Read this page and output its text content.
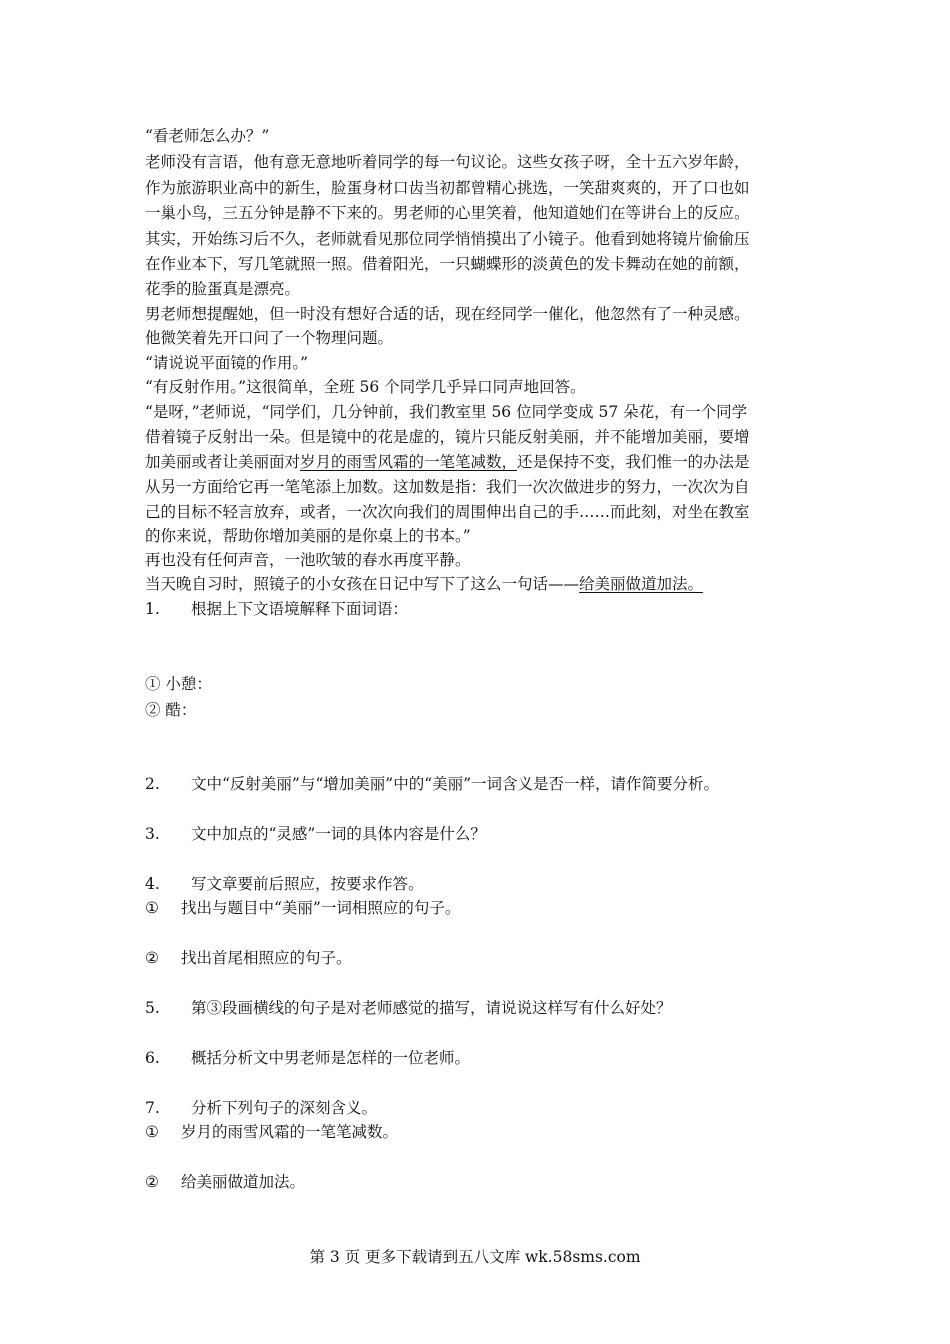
“看老师怎么办？”
老师没有言语，他有意无意地听着同学的每一句议论。这些女孩子呀，全十五六岁年龄，
作为旅游职业高中的新生，脸蛋身材口齿当初都曾精心挑选，一笑甜爽爽的，开了口也如
一巢小鸟，三五分钟是静不下来的。男老师的心里笑着，他知道她们在等讲台上的反应。
其实，开始练习后不久，老师就看见那位同学悄悄摸出了小镜子。他看到她将镜片偷偷压
在作业本下，写几笔就照一照。借着阳光，一只蝴蝶形的淡黄色的发卡舞动在她的前额，
花季的脸蛋真是漂亮。
男老师想提醒她，但一时没有想好合适的话，现在经同学一催化，他忽然有了一种灵感。
他微笑着先开口问了一个物理问题。
“请说说平面镜的作用。”
“有反射作用。”这很简单，全班 56 个同学几乎异口同声地回答。
“是呀，”老师说，“同学们，几分钟前，我们教室里 56 位同学变成 57 朵花，有一个同学
借着镜子反射出一朵。但是镜中的花是虚的，镜片只能反射美丽，并不能增加美丽，要增
加美丽或者让美丽面对岁月的雨雪风霜的一笔笔减数，还是保持不变，我们惟一的办法是
从另一方面给它再一笔笔添上加数。这加数是指：我们一次次做进步的努力，一次次为自
己的目标不轻言放弃，或者，一次次向我们的周围伸出自己的手……而此刻，对坐在教室
的你来说，帮助你增加美丽的是你桌上的书本。”
再也没有任何声音，一池吹皱的春水再度平静。
当天晚自习时，照镜子的小女孩在日记中写下了这么一句话——给美丽做道加法。
1. 根据上下文语境解释下面词语：
① 小憩：
② 酷：
2. 文中“反射美丽”与“增加美丽”中的“美丽”一词含义是否一样，请作简要分析。
3. 文中加点的“灵感”一词的具体内容是什么？
4. 写文章要前后照应，按要求作答。
① 找出与题目中“美丽”一词相照应的句子。
② 找出首尾相照应的句子。
5. 第③段画横线的句子是对老师感觉的描写，请说说这样写有什么好处？
6. 概括分析文中男老师是怎样的一位老师。
7. 分析下列句子的深刻含义。
① 岁月的雨雪风霜的一笔笔减数。
② 给美丽做道加法。
第 3 页 更多下载请到五八文库 wk.58sms.com
